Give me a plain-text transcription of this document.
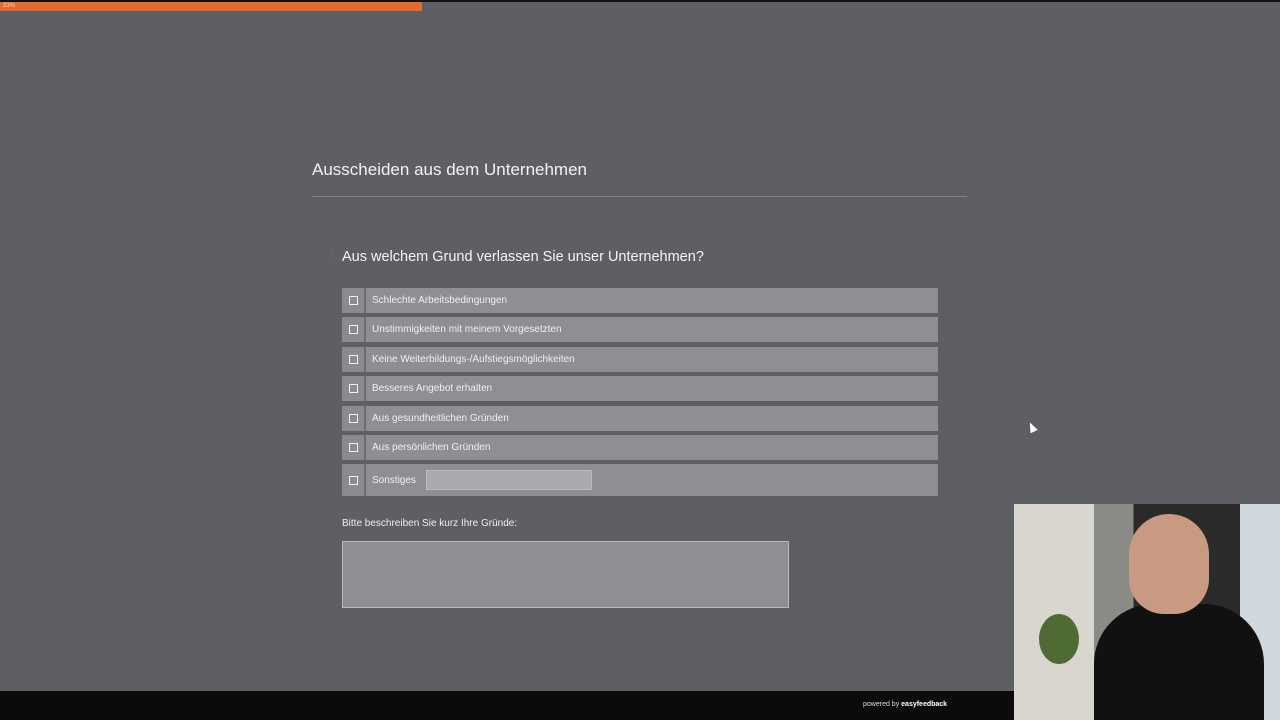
33%
Ausscheiden aus dem Unternehmen
3 Aus welchem Grund verlassen Sie unser Unternehmen?
Schlechte Arbeitsbedingungen
Unstimmigkeiten mit meinem Vorgesetzten
Keine Weiterbildungs-/Aufstiegsmöglichkeiten
Besseres Angebot erhalten
Aus gesundheitlichen Gründen
Aus persönlichen Gründen
Sonstiges
Bitte beschreiben Sie kurz Ihre Gründe:
powered by easyfeedback
